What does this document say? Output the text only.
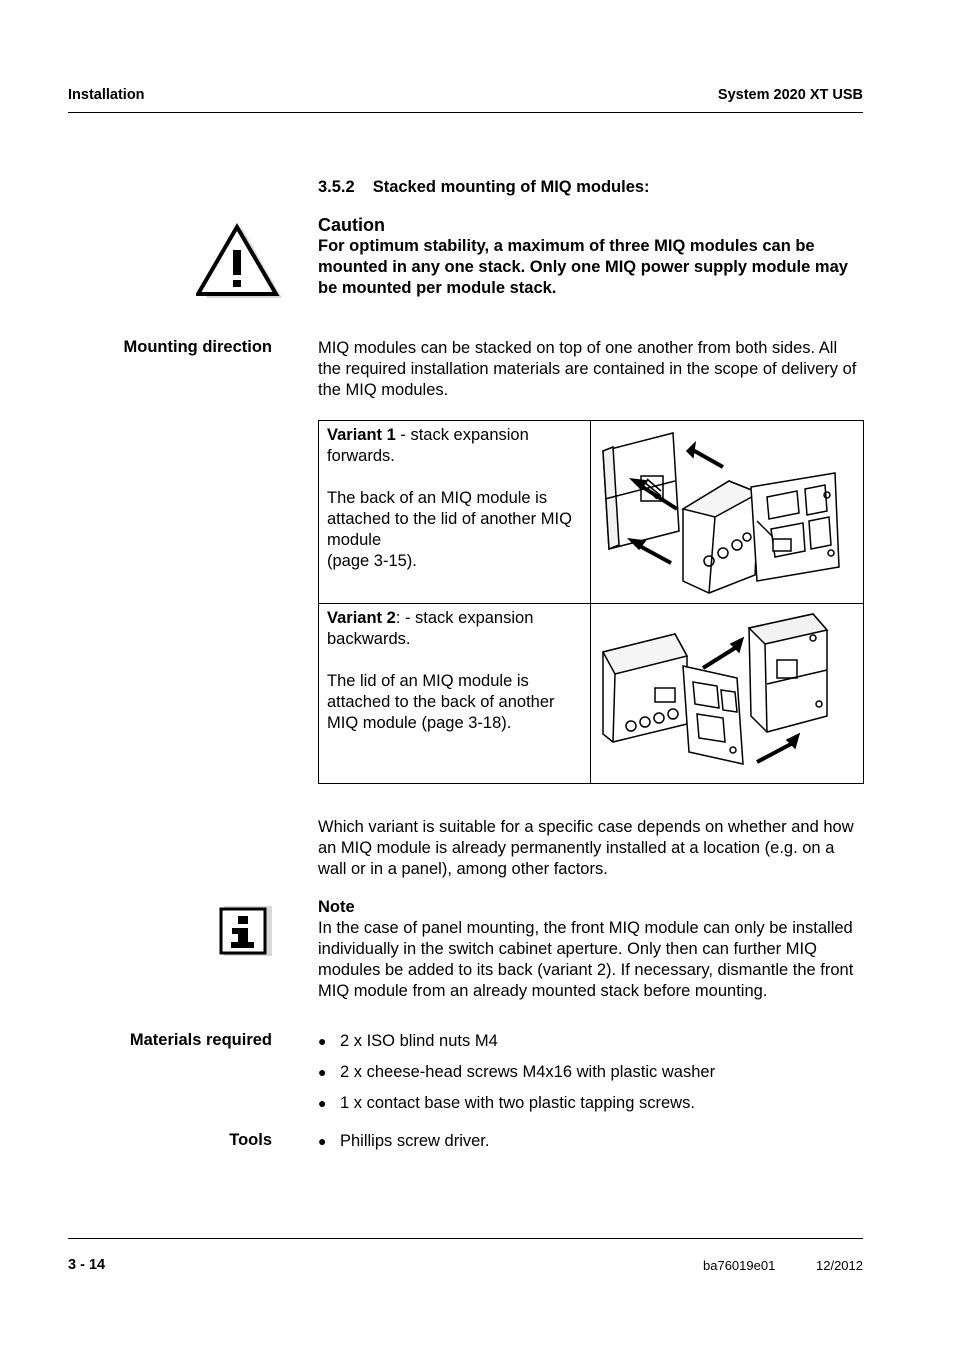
Installation	System 2020 XT USB
3.5.2 Stacked mounting of MIQ modules:
Caution
For optimum stability, a maximum of three MIQ modules can be mounted in any one stack. Only one MIQ power supply module may be mounted per module stack.
Mounting direction	MIQ modules can be stacked on top of one another from both sides. All the required installation materials are contained in the scope of delivery of the MIQ modules.
Variant 1 - stack expansion forwards.
The back of an MIQ module is attached to the lid of another MIQ module
(page 3-15).
Variant 2: - stack expansion backwards.
The lid of an MIQ module is attached to the back of another MIQ module (page 3-18).
Which variant is suitable for a specific case depends on whether and how an MIQ module is already permanently installed at a location (e.g. on a wall or in a panel), among other factors.
Note
In the case of panel mounting, the front MIQ module can only be installed individually in the switch cabinet aperture. Only then can further MIQ modules be added to its back (variant 2). If necessary, dismantle the front MIQ module from an already mounted stack before mounting.
Materials required	● 2 x ISO blind nuts M4
● 2 x cheese-head screws M4x16 with plastic washer
● 1 x contact base with two plastic tapping screws.
Tools	● Phillips screw driver.
3 - 14	ba76019e01	12/2012
